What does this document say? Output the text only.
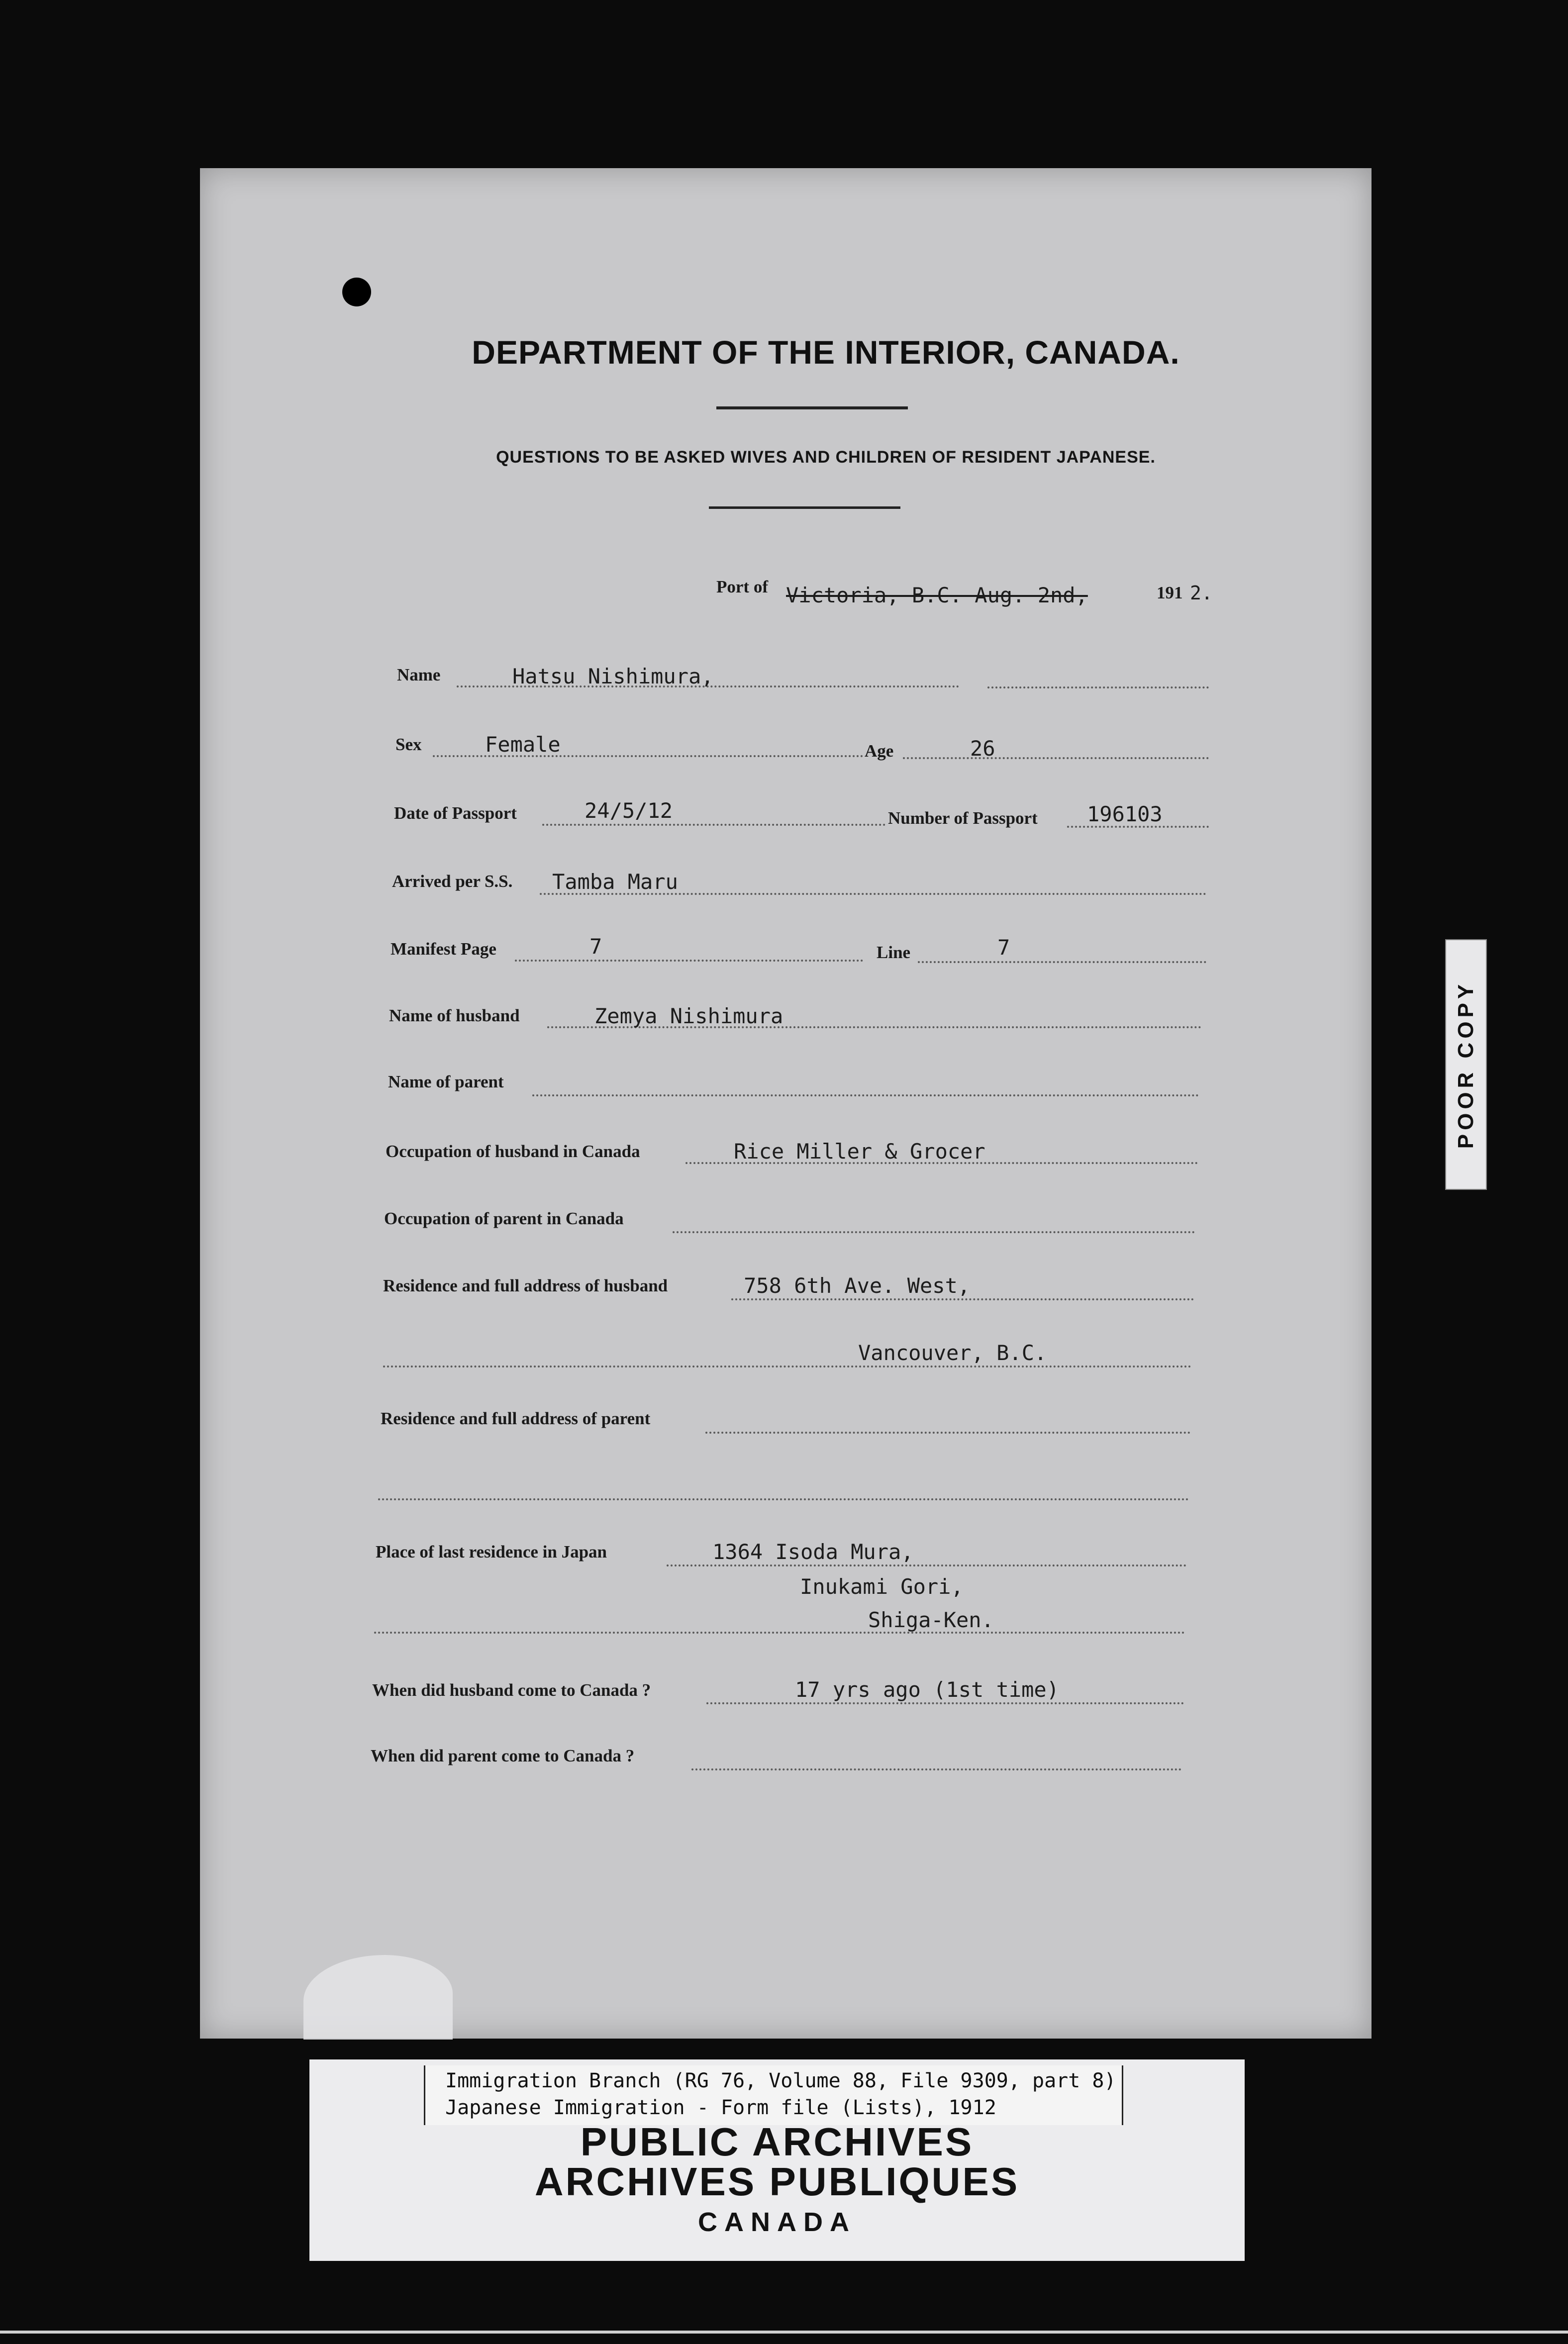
DEPARTMENT OF THE INTERIOR, CANADA.
QUESTIONS TO BE ASKED WIVES AND CHILDREN OF RESIDENT JAPANESE.
Port of Victoria, B.C. Aug. 2nd,	191 2.
Name	Hatsu Nishimura,
Sex	Female	Age	26
Date of Passport	24/5/12	Number of Passport 196103
Arrived per S.S. Tamba Maru
Manifest Page	7	Line	7
Name of husband	Zemya Nishimura
Name of parent
Occupation of husband in Canada	Rice Miller & Grocer
Occupation of parent in Canada
Residence and full address of husband	758 6th Ave. West,
Vancouver, B.C.
Residence and full address of parent
Place of last residence in Japan	1364 Isoda Mura,
Inukami Gori,
Shiga-Ken.
When did husband come to Canada ?	17 yrs ago (1st time)
When did parent come to Canada ?
POOR COPY
Immigration Branch (RG 76, Volume 88, File 9309, part 8)
Japanese Immigration - Form file (Lists), 1912
PUBLIC ARCHIVES
ARCHIVES PUBLIQUES
CANADA
